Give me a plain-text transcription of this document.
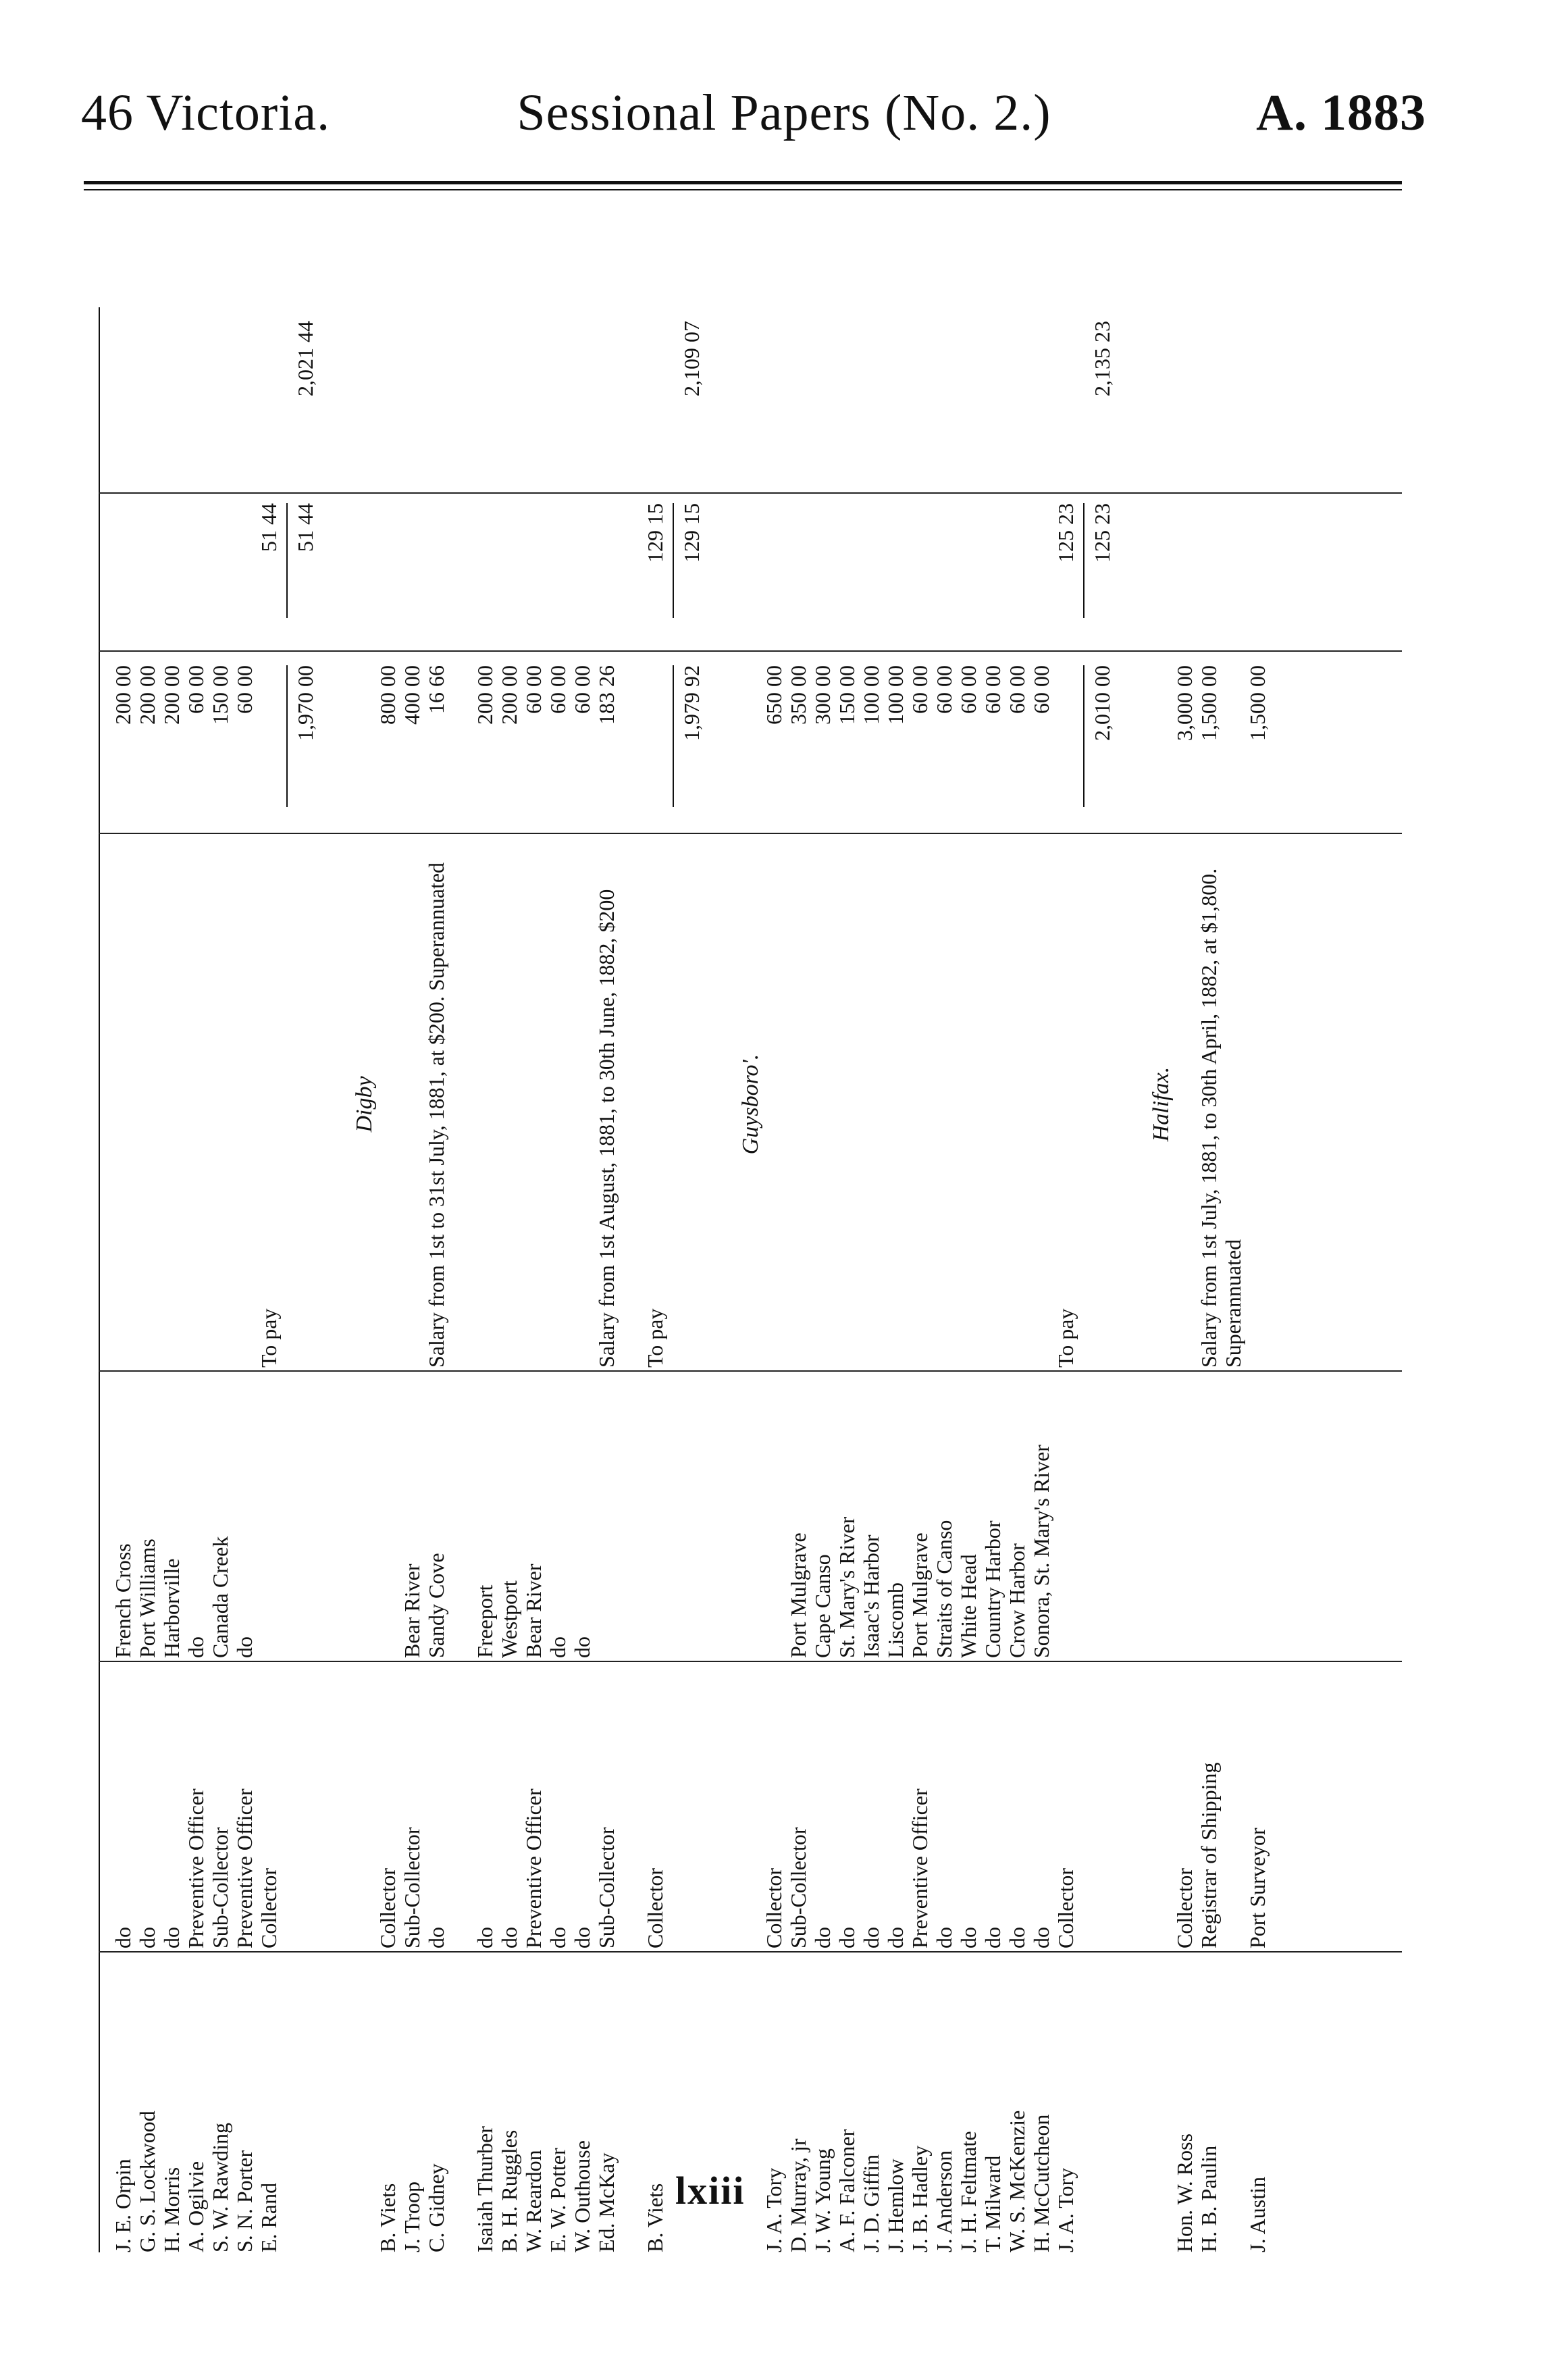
46 Victoria.	Sessional Papers (No. 2.)	A. 1883
J. E. Orpin
do
French Cross
200 00
G. S. Lockwood
do
Port Williams
200 00
H. Morris
do
Harborville
200 00
A. Ogilvie
Preventive Officer
do
60 00
S. W. Rawding
Sub-Collector
Canada Creek
150 00
S. N. Porter
Preventive Officer
do
60 00
E. Rand
Collector
To pay
51 44
1,970 00
51 44
2,021 44
Digby
B. Viets
Collector
800 00
J. Troop
Sub-Collector
Bear River
400 00
C. Gidney
do
Sandy Cove
Salary from 1st to 31st July, 1881, at $200. Superannuated
16 66
Isaiah Thurber
do
Freeport
200 00
B. H. Ruggles
do
Westport
200 00
W. Reardon
Preventive Officer
Bear River
60 00
E. W. Potter
do
do
60 00
W. Outhouse
do
do
60 00
Ed. McKay
Sub-Collector
Salary from 1st August, 1881, to 30th June, 1882, $200
183 26
B. Viets
Collector
To pay
129 15
1,979 92
129 15
2,109 07
Guysboro'.
J. A. Tory
Collector
650 00
D. Murray, jr
Sub-Collector
Port Mulgrave
350 00
J. W. Young
do
Cape Canso
300 00
A. F. Falconer
do
St. Mary's River
150 00
J. D. Giffin
do
Isaac's Harbor
100 00
J. Hemlow
do
Liscomb
100 00
J. B. Hadley
Preventive Officer
Port Mulgrave
60 00
J. Anderson
do
Straits of Canso
60 00
J. H. Feltmate
do
White Head
60 00
T. Milward
do
Country Harbor
60 00
W. S. McKenzie
do
Crow Harbor
60 00
H. McCutcheon
do
Sonora, St. Mary's River
60 00
J. A. Tory
Collector
To pay
125 23
2,010 00
125 23
2,135 23
Halifax.
Hon. W. Ross
Collector
3,000 00
H. B. Paulin
Registrar of Shipping
Salary from 1st July, 1881, to 30th April, 1882, at $1,800. Superannuated
1,500 00
J. Austin
Port Surveyor
1,500 00
lxiii
